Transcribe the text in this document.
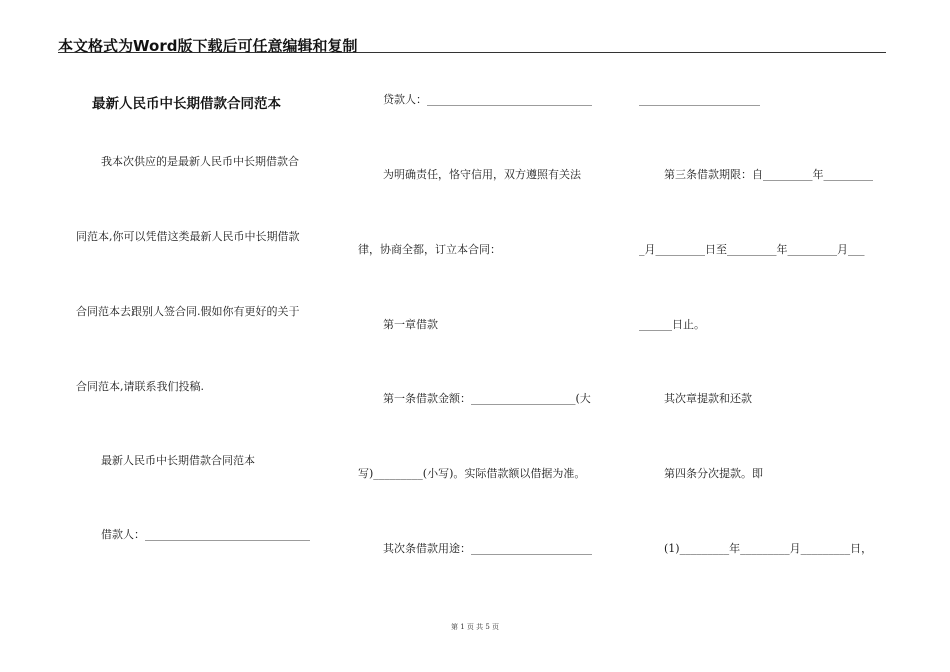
本文格式为Word版下载后可任意编辑和复制
最新人民币中长期借款合同范本
我本次供应的是最新人民币中长期借款合
同范本,你可以凭借这类最新人民币中长期借款
合同范本去跟别人签合同.假如你有更好的关于
合同范本,请联系我们投稿.
最新人民币中长期借款合同范本
借款人：______________________________
贷款人：______________________________
为明确责任，恪守信用，双方遵照有关法
律，协商全都，订立本合同：
第一章借款
第一条借款金额：___________________(大
写)_________(小写)。实际借款额以借据为准。
其次条借款用途：______________________
______________________
第三条借款期限：自_________年_________
_月_________日至_________年_________月___
______日止。
其次章提款和还款
第四条分次提款。即
(1)_________年_________月_________日，
第 1 页 共 5 页
